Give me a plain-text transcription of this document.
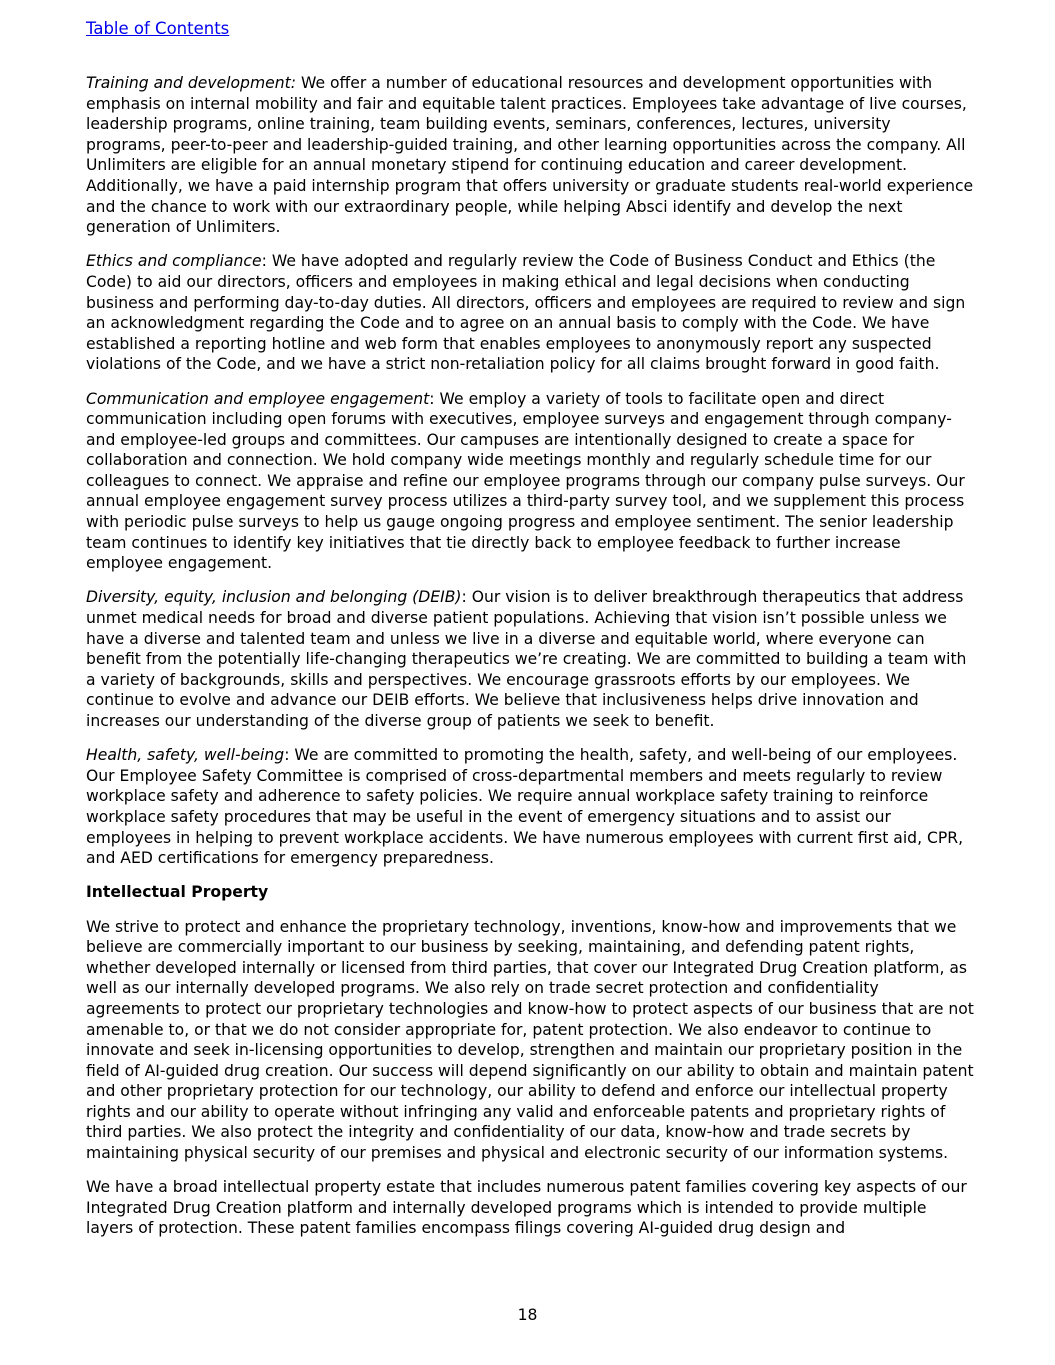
Table of Contents

Training and development: We offer a number of educational resources and development opportunities with emphasis on internal mobility and fair and equitable talent practices. Employees take advantage of live courses, leadership programs, online training, team building events, seminars, conferences, lectures, university programs, peer-to-peer and leadership-guided training, and other learning opportunities across the company. All Unlimiters are eligible for an annual monetary stipend for continuing education and career development. Additionally, we have a paid internship program that offers university or graduate students real-world experience and the chance to work with our extraordinary people, while helping Absci identify and develop the next generation of Unlimiters.

Ethics and compliance: We have adopted and regularly review the Code of Business Conduct and Ethics (the Code) to aid our directors, officers and employees in making ethical and legal decisions when conducting business and performing day-to-day duties. All directors, officers and employees are required to review and sign an acknowledgment regarding the Code and to agree on an annual basis to comply with the Code. We have established a reporting hotline and web form that enables employees to anonymously report any suspected violations of the Code, and we have a strict non-retaliation policy for all claims brought forward in good faith.

Communication and employee engagement: We employ a variety of tools to facilitate open and direct communication including open forums with executives, employee surveys and engagement through company- and employee-led groups and committees. Our campuses are intentionally designed to create a space for collaboration and connection. We hold company wide meetings monthly and regularly schedule time for our colleagues to connect. We appraise and refine our employee programs through our company pulse surveys. Our annual employee engagement survey process utilizes a third-party survey tool, and we supplement this process with periodic pulse surveys to help us gauge ongoing progress and employee sentiment. The senior leadership team continues to identify key initiatives that tie directly back to employee feedback to further increase employee engagement.

Diversity, equity, inclusion and belonging (DEIB): Our vision is to deliver breakthrough therapeutics that address unmet medical needs for broad and diverse patient populations. Achieving that vision isn’t possible unless we have a diverse and talented team and unless we live in a diverse and equitable world, where everyone can benefit from the potentially life-changing therapeutics we’re creating. We are committed to building a team with a variety of backgrounds, skills and perspectives. We encourage grassroots efforts by our employees. We continue to evolve and advance our DEIB efforts. We believe that inclusiveness helps drive innovation and increases our understanding of the diverse group of patients we seek to benefit.

Health, safety, well-being: We are committed to promoting the health, safety, and well-being of our employees. Our Employee Safety Committee is comprised of cross-departmental members and meets regularly to review workplace safety and adherence to safety policies. We require annual workplace safety training to reinforce workplace safety procedures that may be useful in the event of emergency situations and to assist our employees in helping to prevent workplace accidents. We have numerous employees with current first aid, CPR, and AED certifications for emergency preparedness.

Intellectual Property

We strive to protect and enhance the proprietary technology, inventions, know-how and improvements that we believe are commercially important to our business by seeking, maintaining, and defending patent rights, whether developed internally or licensed from third parties, that cover our Integrated Drug Creation platform, as well as our internally developed programs. We also rely on trade secret protection and confidentiality agreements to protect our proprietary technologies and know-how to protect aspects of our business that are not amenable to, or that we do not consider appropriate for, patent protection. We also endeavor to continue to innovate and seek in-licensing opportunities to develop, strengthen and maintain our proprietary position in the field of AI-guided drug creation. Our success will depend significantly on our ability to obtain and maintain patent and other proprietary protection for our technology, our ability to defend and enforce our intellectual property rights and our ability to operate without infringing any valid and enforceable patents and proprietary rights of third parties. We also protect the integrity and confidentiality of our data, know-how and trade secrets by maintaining physical security of our premises and physical and electronic security of our information systems.

We have a broad intellectual property estate that includes numerous patent families covering key aspects of our Integrated Drug Creation platform and internally developed programs which is intended to provide multiple layers of protection. These patent families encompass filings covering AI-guided drug design and

18
